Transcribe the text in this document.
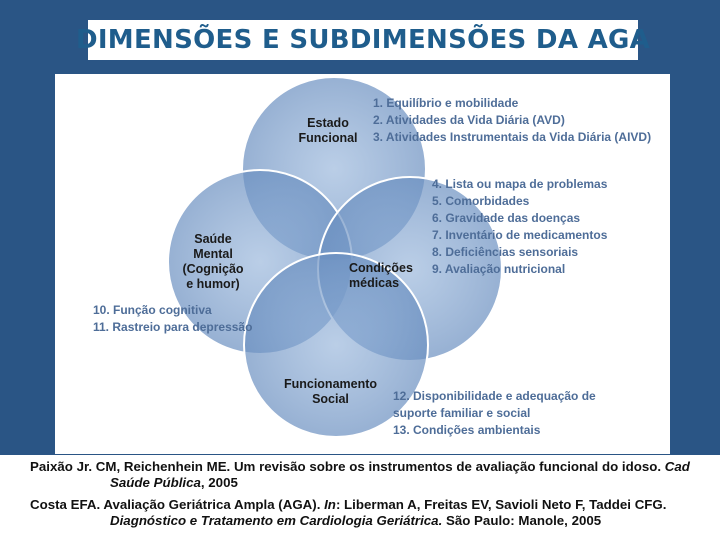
DIMENSÕES E SUBDIMENSÕES DA AGA
Estado
Funcional
Saúde
Mental
(Cognição
e humor)
Condições
médicas
Funcionamento
Social
1. Equilíbrio e mobilidade
2. Atividades da Vida Diária (AVD)
3. Atividades Instrumentais da Vida Diária (AIVD)
4. Lista ou mapa de problemas
5. Comorbidades
6. Gravidade das doenças
7. Inventário de medicamentos
8. Deficiências sensoriais
9. Avaliação nutricional
10. Função cognitiva
11. Rastreio para depressão
12. Disponibilidade e adequação de
suporte familiar e social
13. Condições ambientais
Paixão Jr. CM, Reichenhein ME. Um revisão sobre os instrumentos de avaliação funcional do idoso. Cad
Saúde Pública, 2005
Costa EFA. Avaliação Geriátrica Ampla (AGA). In: Liberman A, Freitas EV, Savioli Neto F, Taddei CFG.
Diagnóstico e Tratamento em Cardiologia Geriátrica. São Paulo: Manole, 2005
